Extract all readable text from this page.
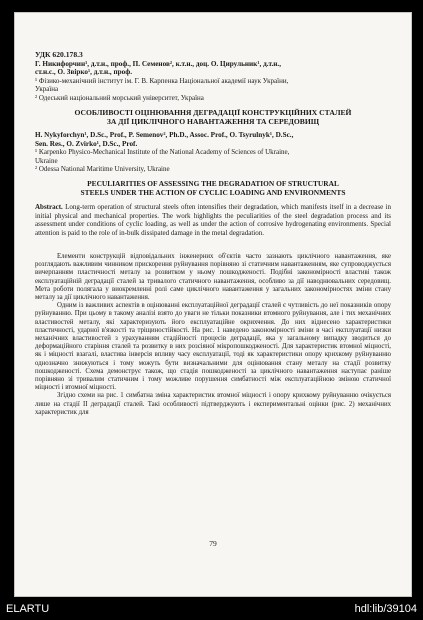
УДК 620.178.3

Г. Никифорчин¹, д.т.н., проф., П. Семенов², к.т.н., доц. О. Цирульник¹, д.т.н.,

ст.н.с., О. Звірко¹, д.т.н., проф.

¹ Фізико-механічний інститут ім. Г. В. Карпенка Національної академії наук України,

Україна

² Одеський національний морський університет, Україна

ОСОБЛИВОСТІ ОЦІНЮВАННЯ ДЕГРАДАЦІЇ КОНСТРУКЦІЙНИХ СТАЛЕЙ
ЗА ДІЇ ЦИКЛІЧНОГО НАВАНТАЖЕННЯ ТА СЕРЕДОВИЩ

H. Nykyforchyn¹, D.Sc., Prof., P. Semenov², Ph.D., Assoc. Prof., O. Tsyrulnyk¹, D.Sc.,

Sen. Res., O. Zvirko¹, D.Sc., Prof.

¹ Karpenko Physico-Mechanical Institute of the National Academy of Sciences of Ukraine,

Ukraine

² Odessa National Maritime University, Ukraine

PECULIARITIES OF ASSESSING THE DEGRADATION OF STRUCTURAL
STEELS UNDER THE ACTION OF CYCLIC LOADING AND ENVIRONMENTS

Abstract. Long-term operation of structural steels often intensifies their degradation, which manifests itself in a decrease in initial physical and mechanical properties. The work highlights the peculiarities of the steel degradation process and its assessment under conditions of cyclic loading, as well as under the action of corrosive hydrogenating environments. Special attention is paid to the role of in-bulk dissipated damage in the metal degradation.

Елементи конструкцій відповідальних інженерних об'єктів часто зазнають циклічного навантаження, яке розглядають важливим чинником прискорення руйнування порівняно зі статичним навантаженням, яке супроводжується вичерпанням пластичності металу за розвитком у ньому пошкодженості. Подібні закономірності властиві також експлуатаційній деградації сталей за тривалого статичного навантаження, особливо за дії наводнювальних середовищ. Мета роботи полягала у виокремленні ролі саме циклічного навантаження у загальних закономірностях зміни стану металу за дії циклічного навантаження.

Одним із важливих аспектів в оцінюванні експлуатаційної деградації сталей є чутливість до неї показників опору руйнуванню. При цьому в такому аналізі взято до уваги не тільки показники втомного руйнування, але і тих механічних властивостей металу, які характеризують його експлуатаційне окрихчення. До них віднесено характеристики пластичності, ударної в'язкості та тріщиностійкості. На рис. 1 наведено закономірності зміни в часі експлуатації низки механічних властивостей з урахуванням стадійності процесів деградації, яка у загальному випадку зводиться до деформаційного старіння сталей та розвитку в них розсіяної мікропошкодженості. Для характеристик втомної міцності, як і міцності взагалі, властива інверсія впливу часу експлуатації, тоді як характеристики опору крихкому руйнуванню однозначно знижуються і тому можуть бути визначальними для оцінювання стану металу на стадії розвитку пошкодженості. Схема демонструє також, що стадія пошкодженості за циклічного навантаження наступає раніше порівняно зі тривалим статичним і тому можливе порушення симбатності між експлуатаційною зміною статичної міцності і втомної міцності.

Згідно схеми на рис. 1 симбатна зміна характеристик втомної міцності і опору крихкому руйнуванню очікується лише на стадії II деградації сталей. Такі особливості підтверджують і експериментальні оцінки (рис. 2) механічних характеристик для

79
ELARTU	hdl:lib/39104
